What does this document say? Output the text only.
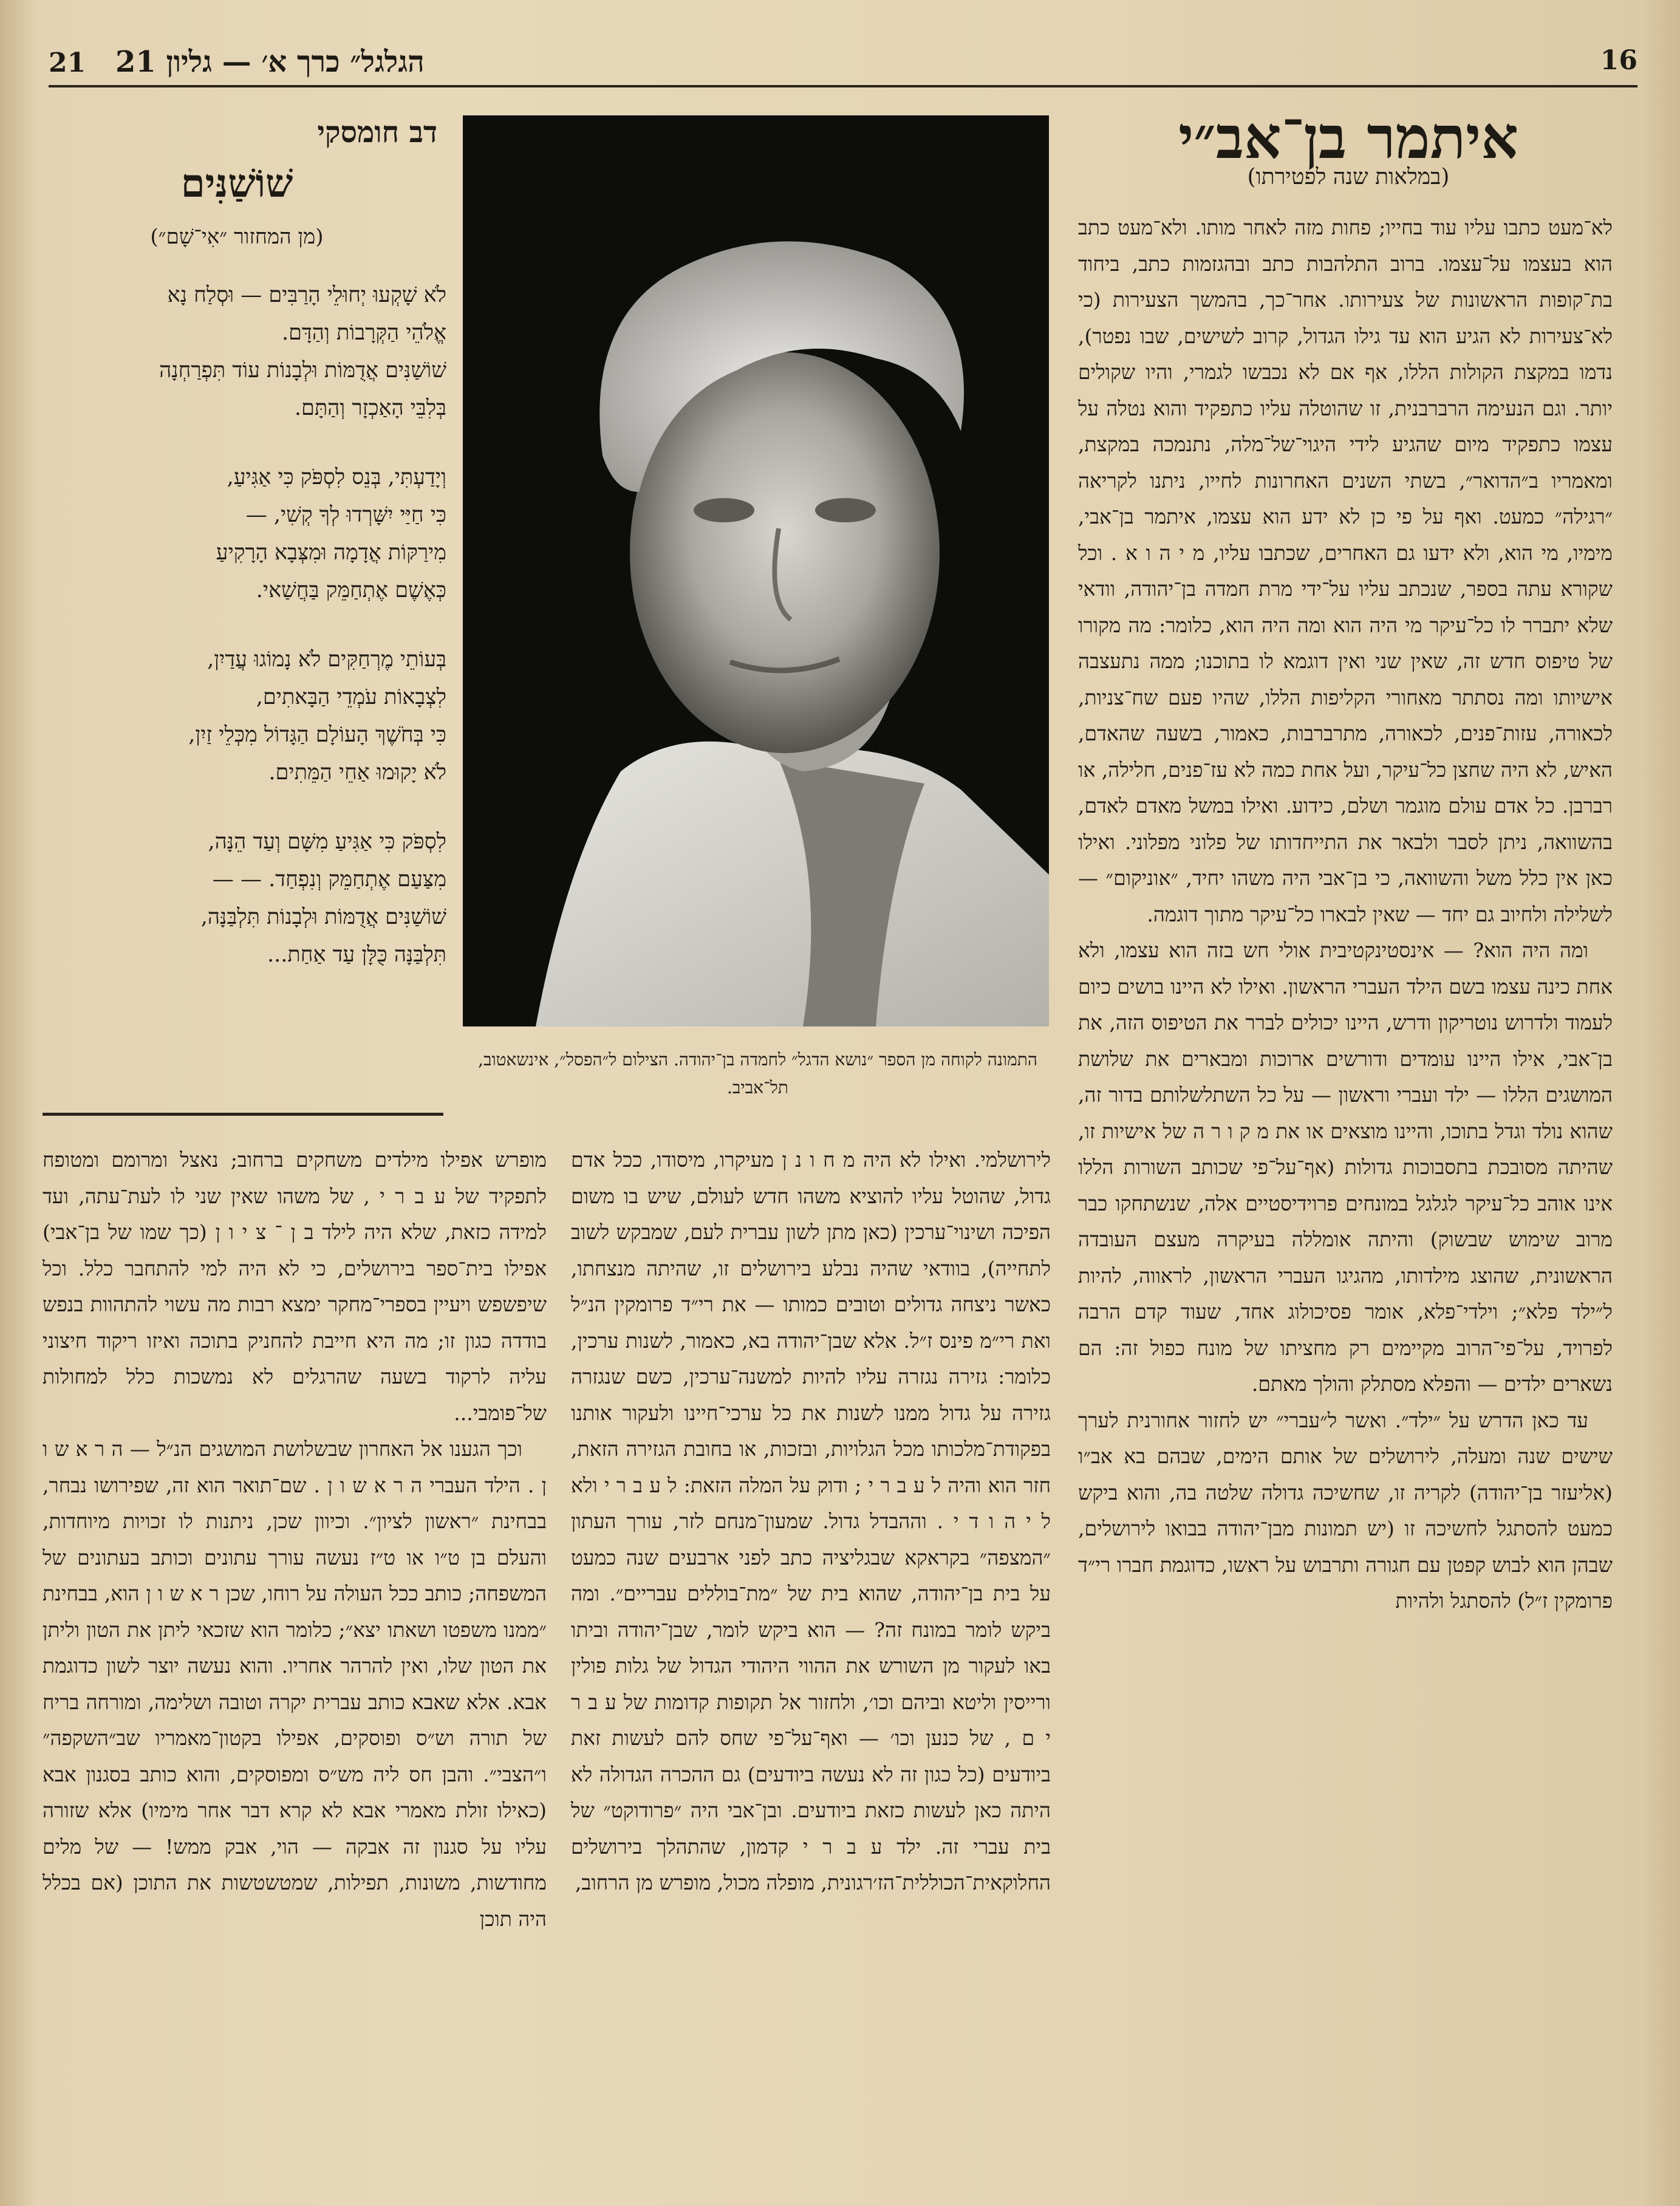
16
הגלגל״ כרך א׳ — גליון 21
21
איתמר בן־אב״י
(במלאות שנה לפטירתו)

לא־מעט כתבו עליו עוד בחייו; פחות מזה לאחר מותו. ולא־מעט כתב הוא בעצמו על־עצמו. ברוב התלהבות כתב ובהגזמות כתב, ביחוד בת־קופות הראשונות של צעירותו. אחר־כך, בהמשך הצעירות (כי לא־צעירות לא הגיע הוא עד גילו הגדול, קרוב לשישים, שבו נפטר), נדמו במקצת הקולות הללו, אף אם לא נכבשו לגמרי, והיו שקולים יותר. וגם הנעימה הרברבנית, זו שהוטלה עליו כתפקיד והוא נטלה על עצמו כתפקיד מיום שהגיע לידי היגוי־של־מלה, נתנמכה במקצת, ומאמריו ב״הדואר״, בשתי השנים האחרונות לחייו, ניתנו לקריאה ״רגילה״ כמעט. ואף על פי כן לא ידע הוא עצמו, איתמר בן־אבי, מימיו, מי הוא, ולא ידעו גם האחרים, שכתבו עליו, מ י ה ו א . וכל שקורא עתה בספר, שנכתב עליו על־ידי מרת חמדה בן־יהודה, וודאי שלא יתברר לו כל־עיקר מי היה הוא ומה היה הוא, כלומר: מה מקורו של טיפוס חדש זה, שאין שני ואין דוגמא לו בתוכנו; ממה נתעצבה אישיותו ומה נסתתר מאחורי הקליפות הללו, שהיו פעם שח־צניות, לכאורה, עזות־פנים, לכאורה, מתרברבות, כאמור, בשעה שהאדם, האיש, לא היה שחצן כל־עיקר, ועל אחת כמה לא עז־פנים, חלילה, או רברבן. כל אדם עולם מוגמר ושלם, כידוע. ואילו במשל מאדם לאדם, בהשוואה, ניתן לסבר ולבאר את התייחדותו של פלוני מפלוני. ואילו כאן אין כלל משל והשוואה, כי בן־אבי היה משהו יחיד, ״אוניקום״ — לשלילה ולחיוב גם יחד — שאין לבארו כל־עיקר מתוך דוגמה.

ומה היה הוא? — אינסטינקטיבית אולי חש בזה הוא עצמו, ולא אחת כינה עצמו בשם הילד העברי הראשון. ואילו לא היינו בושים כיום לעמוד ולדרוש נוטריקון ודרש, היינו יכולים לברר את הטיפוס הזה, את בן־אבי, אילו היינו עומדים ודורשים ארוכות ומבארים את שלושת המושגים הללו — ילד ועברי וראשון — על כל השתלשלותם בדור זה, שהוא נולד וגדל בתוכו, והיינו מוצאים או את מ ק ו ר ה של אישיות זו, שהיתה מסובכת בתסבוכות גדולות (אף־על־פי שכותב השורות הללו אינו אוהב כל־עיקר לגלגל במונחים פרוידיסטיים אלה, שנשתחקו כבר מרוב שימוש שבשוק) והיתה אומללה בעיקרה מעצם העובדה הראשונית, שהוצג מילדותו, מהגיגו העברי הראשון, לראווה, להיות ל״ילד פלא״; וילדי־פלא, אומר פסיכולוג אחד, שעוד קדם הרבה לפרויד, על־פי־הרוב מקיימים רק מחציתו של מונח כפול זה: הם נשארים ילדים — והפלא מסתלק והולך מאתם.

עד כאן הדרש על ״ילד״. ואשר ל״עברי״ יש לחזור אחורנית לערך שישים שנה ומעלה, לירושלים של אותם הימים, שבהם בא אב״ו (אליעזר בן־יהודה) לקריה זו, שחשיכה גדולה שלטה בה, והוא ביקש כמעט להסתגל לחשיכה זו (יש תמונות מבן־יהודה בבואו לירושלים, שבהן הוא לבוש קפטן עם חגורה ותרבוש על ראשו, כדוגמת חברו רי״ד פרומקין ז״ל) להסתגל ולהיות

התמונה לקוחה מן הספר ״נושא הדגל״ לחמדה בן־יהודה. הצילום ל״הפסל״, אינשאטוב, תל־אביב.
דב חומסקי
שׁוֹשַׁנִּים
(מן המחזור ״אִי־שָׁם״)
לֹא שָׁקְעוּ יְחוּלֵי הָרַבִּים — וּסְלַח נָא
אֱלֹהֵי הַקְּרָבוֹת וְהַדָּם.
שׁוֹשַׁנִּים אֲדֻמּוֹת וּלְבָנוֹת עוֹד תִּפְרַחְנָה
בְּלִבֵּי הָאַכְזָר וְהַתָּם.
וְיָדַעְתִּי, בְּנֵס לִסְפֹּק כִּי אַגִּיעַ,
כִּי חַיַּי יִשָּׁרְדוּ לְךָ קְשִׁי, —
מִירַקּוֹת אֲדָמָה וּמִצְּבָא הָרָקִיעַ
כְּאֶשֶׁם אֶתְחַמֵּק בַּחֲשַׁאי.
בְּעוֹתֵי מֶרְחַקִּים לֹא נָמוֹגוּ עֲדַיִן,
לִצְבָאוֹת עֹמְדֵי הַבָּאתִים,
כִּי בְּחֹשֶׁךְ הָעוֹלָם הַגָּדוֹל מִכְּלֵי זַיִן,
לֹא יָקוּמוּ אַחֵי הַמֵּתִים.
לִסְפֹּק כִּי אַגִּיעַ מִשָּׁם וְעַד הֵנָּה,
מִצַּעַם אֶתְחַמֵּק וְנִפְחַד. — —
שׁוֹשַׁנִּים אֲדֻמּוֹת וּלְבָנוֹת תִּלְבַּנָּה,
תִּלְבַּנָּה כֻּלָּן עַד אַחַת...

לירושלמי. ואילו לא היה מ ח ו נ ן מעיקרו, מיסודו, ככל אדם גדול, שהוטל עליו להוציא משהו חדש לעולם, שיש בו משום הפיכה ושינוי־ערכין (כאן מתן לשון עברית לעם, שמבקש לשוב לתחייה), בוודאי שהיה נבלע בירושלים זו, שהיתה מנצחתו, כאשר ניצחה גדולים וטובים כמותו — את רי״ד פרומקין הנ״ל ואת רי״מ פינס ז״ל. אלא שבן־יהודה בא, כאמור, לשנות ערכין, כלומר: גזירה נגזרה עליו להיות למשנה־ערכין, כשם שנגזרה גזירה על גדול ממנו לשנות את כל ערכי־חיינו ולעקור אותנו בפקודת־מלכותו מכל הגלויות, ובזכות, או בחובת הגזירה הזאת, חזר הוא והיה ל ע ב ר י ; ודוק על המלה הזאת: ל ע ב ר י ולא ל י ה ו ד י . וההבדל גדול. שמעון־מנחם לזר, עורך העתון ״המצפה״ בקראקא שבגליציה כתב לפני ארבעים שנה כמעט על בית בן־יהודה, שהוא בית של ״מת־בוללים עבריים״. ומה ביקש לומר במונח זה? — הוא ביקש לומר, שבן־יהודה וביתו באו לעקור מן השורש את ההווי היהודי הגדול של גלות פולין ורייסין וליטא וביהם וכו׳, ולחזור אל תקופות קדומות של ע ב ר י ם , של כנען וכו׳ — ואף־על־פי שחס להם לעשות זאת ביודעים (כל כגון זה לא נעשה ביודעים) גם ההכרה הגדולה לא היתה כאן לעשות כזאת ביודעים. ובן־אבי היה ״פרודוקט״ של בית עברי זה. ילד ע ב ר י קדמון, שהתהלך בירושלים החלוקאית־הכוללית־הז׳רגונית, מופלה מכול, מופרש מן הרחוב,

מופרש אפילו מילדים משחקים ברחוב; נאצל ומרומם ומטופח לתפקיד של ע ב ר י , של משהו שאין שני לו לעת־עתה, ועד למידה כזאת, שלא היה לילד ב ן ־ צ י ו ן (כך שמו של בן־אבי) אפילו בית־ספר בירושלים, כי לא היה למי להתחבר כלל. וכל שיפשפש ויעיין בספרי־מחקר ימצא רבות מה עשוי להתהוות בנפש בודדה כגון זו; מה היא חייבת להחניק בתוכה ואיזו ריקוד חיצוני עליה לרקוד בשעה שהרגלים לא נמשכות כלל למחולות של־פומבי...

וכך הגענו אל האחרון שבשלושת המושגים הנ״ל — ה ר א ש ו ן . הילד העברי ה ר א ש ו ן . שם־תואר הוא זה, שפירושו נבחר, בבחינת ״ראשון לציון״. וכיוון שכן, ניתנות לו זכויות מיוחדות, והעלם בן ט״ו או ט״ז נעשה עורך עתונים וכותב בעתונים של המשפחה; כותב ככל העולה על רוחו, שכן ר א ש ו ן הוא, בבחינת ״ממנו משפטו ושאתו יצא״; כלומר הוא שזכאי ליתן את הטון וליתן את הטון שלו, ואין להרהר אחריו. והוא נעשה יוצר לשון כדוגמת אבא. אלא שאבא כותב עברית יקרה וטובה ושלימה, ומורחה בריח של תורה וש״ס ופוסקים, אפילו בקטון־מאמריו שב״השקפה״ ו״הצבי״. והבן חס ליה מש״ס ומפוסקים, והוא כותב בסגנון אבא (כאילו זולת מאמרי אבא לא קרא דבר אחר מימיו) אלא שזורה עליו על סגנון זה אבקה — הוי, אבק ממש! — של מלים מחודשות, משונות, תפילות, שמטשטשות את התוכן (אם בכלל היה תוכן
